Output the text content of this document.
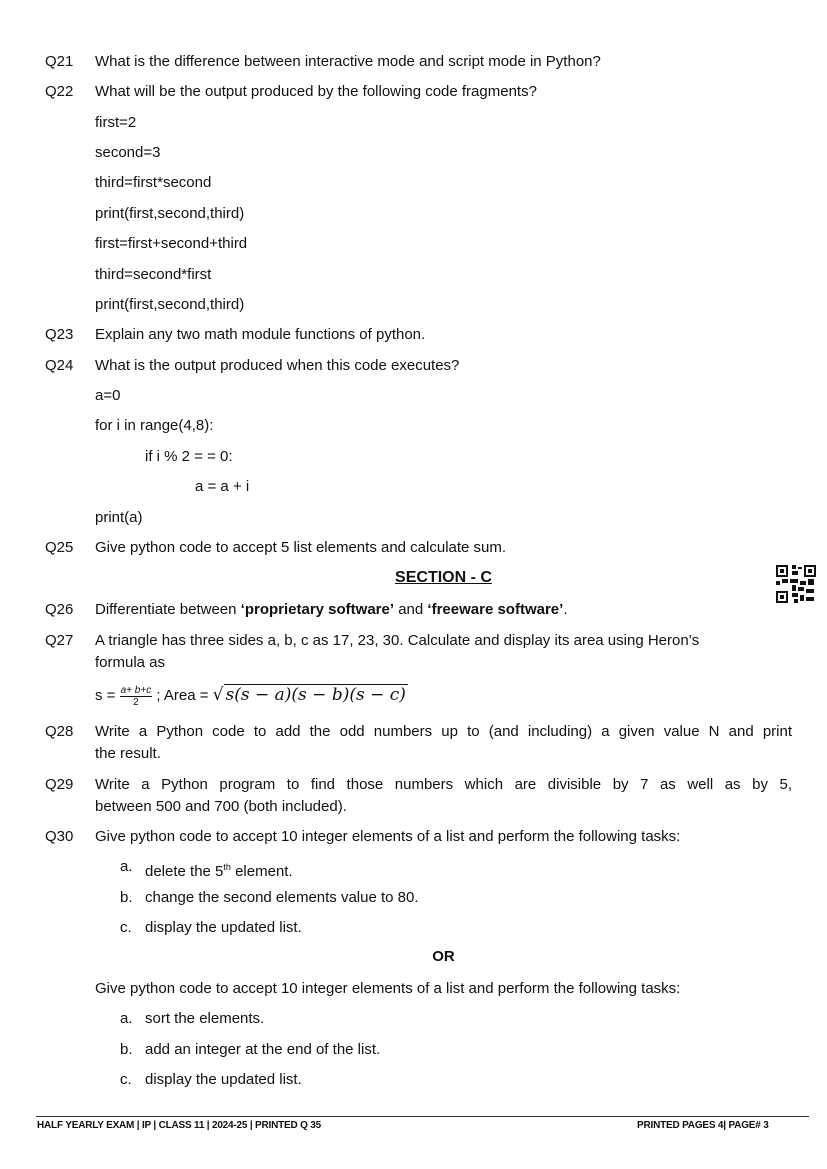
Q21 What is the difference between interactive mode and script mode in Python?
Q22 What will be the output produced by the following code fragments?
first=2
second=3
third=first*second
print(first,second,third)
first=first+second+third
third=second*first
print(first,second,third)
Q23 Explain any two math module functions of python.
Q24 What is the output produced when this code executes?
a=0
for i in range(4,8):
if i % 2 = = 0:
a = a + i
print(a)
Q25 Give python code to accept 5 list elements and calculate sum.
SECTION - C
Q26 Differentiate between ‘proprietary software’ and ‘freeware software’.
Q27 A triangle has three sides a, b, c as 17, 23, 30. Calculate and display its area using Heron’s
formula as
$s = \frac{a+ b+c}{2}$ ; Area = √ s(s − a)(s − b)(s − c)
Q28 Write a Python code to add the odd numbers up to (and including) a given value N and print
the result.
Q29 Write a Python program to find those numbers which are divisible by 7 as well as by 5,
between 500 and 700 (both included).
Q30 Give python code to accept 10 integer elements of a list and perform the following tasks:
a. delete the 5th element.
b. change the second elements value to 80.
c. display the updated list.
OR
Give python code to accept 10 integer elements of a list and perform the following tasks:
a. sort the elements.
b. add an integer at the end of the list.
c. display the updated list.
HALF YEARLY EXAM | IP | CLASS 11 | 2024-25 | PRINTED Q 35	PRINTED PAGES 4| PAGE# 3
